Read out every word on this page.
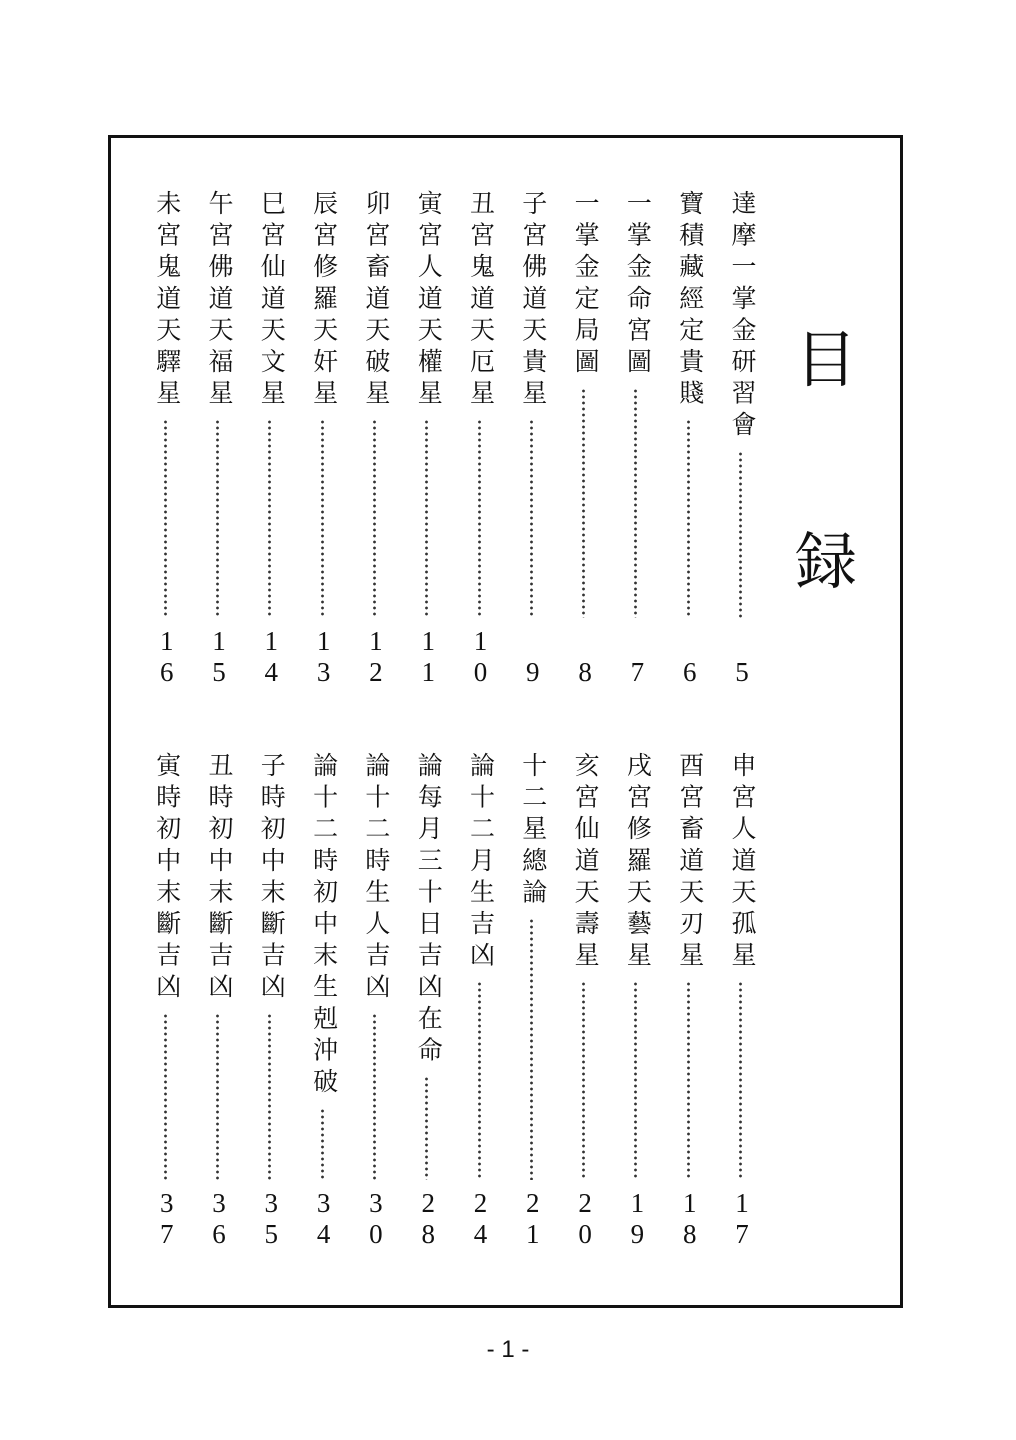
目
録
達摩一掌金研習會
5
寶積藏經定貴賤
6
一掌金命宮圖
7
一掌金定局圖
8
子宮佛道天貴星
9
丑宮鬼道天厄星
1
0
寅宮人道天權星
1
1
卯宮畜道天破星
1
2
辰宮修羅天奸星
1
3
巳宮仙道天文星
1
4
午宮佛道天福星
1
5
未宮鬼道天驛星
1
6
申宮人道天孤星
1
7
酉宮畜道天刃星
1
8
戌宮修羅天藝星
1
9
亥宮仙道天壽星
2
0
十二星總論
2
1
論十二月生吉凶
2
4
論每月三十日吉凶在命
2
8
論十二時生人吉凶
3
0
論十二時初中末生剋沖破
3
4
子時初中末斷吉凶
3
5
丑時初中末斷吉凶
3
6
寅時初中末斷吉凶
3
7
- 1 -
